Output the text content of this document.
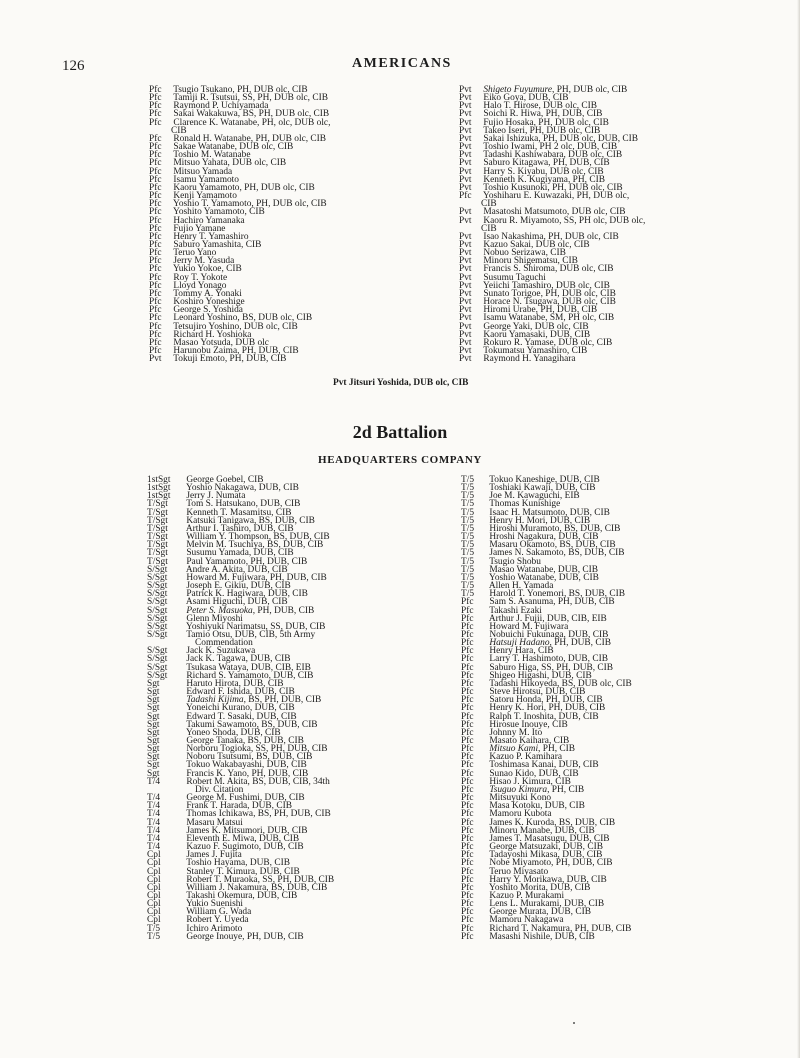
126	AMERICANS
Pfc Tsugio Tsukano, PH, DUB olc, CIB
Pfc Tamiji R. Tsutsui, SS, PH, DUB olc, CIB
Pfc Raymond P. Uchiyamada
Pfc Sakai Wakakuwa, BS, PH, DUB olc, CIB
Pfc Clarence K. Watanabe, PH, olc, DUB olc,
CIB
Pfc Ronald H. Watanabe, PH, DUB olc, CIB
Pfc Sakae Watanabe, DUB olc, CIB
Pfc Toshio M. Watanabe
Pfc Mitsuo Yahata, DUB olc, CIB
Pfc Mitsuo Yamada
Pfc Isamu Yamamoto
Pfc Kaoru Yamamoto, PH, DUB olc, CIB
Pfc Kenji Yamamoto
Pfc Yoshio T. Yamamoto, PH, DUB olc, CIB
Pfc Yoshito Yamamoto, CIB
Pfc Hachiro Yamanaka
Pfc Fujio Yamane
Pfc Henry T. Yamashiro
Pfc Saburo Yamashita, CIB
Pfc Teruo Yano
Pfc Jerry M. Yasuda
Pfc Yukio Yokoe, CIB
Pfc Roy T. Yokote
Pfc Lloyd Yonago
Pfc Tommy A. Yonaki
Pfc Koshiro Yoneshige
Pfc George S. Yoshida
Pfc Leonard Yoshino, BS, DUB olc, CIB
Pfc Tetsujiro Yoshino, DUB olc, CIB
Pfc Richard H. Yoshioka
Pfc Masao Yotsuda, DUB olc
Pfc Harunobu Zaima, PH, DUB, CIB
Pvt Tokuji Emoto, PH, DUB, CIB
Pvt Shigeto Fuyumure, PH, DUB olc, CIB
Pvt Eiko Goya, DUB, CIB
Pvt Halo T. Hirose, DUB olc, CIB
Pvt Soichi R. Hiwa, PH, DUB, CIB
Pvt Fujio Hosaka, PH, DUB olc, CIB
Pvt Takeo Iseri, PH, DUB olc, CIB
Pvt Sakai Ishizuka, PH, DUB olc, DUB, CIB
Pvt Toshio Iwami, PH 2 olc, DUB, CIB
Pvt Tadashi Kashiwabara, DUB olc, CIB
Pvt Saburo Kitagawa, PH, DUB, CIB
Pvt Harry S. Kiyabu, DUB olc, CIB
Pvt Kenneth K. Kugiyama, PH, CIB
Pvt Toshio Kusunoki, PH, DUB olc, CIB
Pfc Yoshiharu E. Kuwazaki, PH, DUB olc,
CIB
Pvt Masatoshi Matsumoto, DUB olc, CIB
Pvt Kaoru R. Miyamoto, SS, PH olc, DUB olc,
CIB
Pvt Isao Nakashima, PH, DUB olc, CIB
Pvt Kazuo Sakai, DUB olc, CIB
Pvt Nobuo Serizawa, CIB
Pvt Minoru Shigematsu, CIB
Pvt Francis S. Shiroma, DUB olc, CIB
Pvt Susumu Taguchi
Pvt Yeiichi Tamashiro, DUB olc, CIB
Pvt Sunato Torigoe, PH, DUB olc, CIB
Pvt Horace N. Tsugawa, DUB olc, CIB
Pvt Hiromi Urabe, PH, DUB, CIB
Pvt Isamu Watanabe, SM, PH olc, CIB
Pvt George Yaki, DUB olc, CIB
Pvt Kaoru Yamasaki, DUB, CIB
Pvt Rokuro R. Yamase, DUB olc, CIB
Pvt Tokumatsu Yamashiro, CIB
Pvt Raymond H. Yanagihara
Pvt Jitsuri Yoshida, DUB olc, CIB
2d Battalion
HEADQUARTERS COMPANY
1stSgt George Goebel, CIB
1stSgt Yoshio Nakagawa, DUB, CIB
1stSgt Jerry J. Numata
T/Sgt Tom S. Hatsukano, DUB, CIB
T/Sgt Kenneth T. Masamitsu, CIB
T/Sgt Katsuki Tanigawa, BS, DUB, CIB
T/Sgt Arthur I. Tashiro, DUB, CIB
T/Sgt William Y. Thompson, BS, DUB, CIB
T/Sgt Melvin M. Tsuchiya, BS, DUB, CIB
T/Sgt Susumu Yamada, DUB, CIB
T/Sgt Paul Yamamoto, PH, DUB, CIB
S/Sgt Andre A. Akita, DUB, CIB
S/Sgt Howard M. Fujiwara, PH, DUB, CIB
S/Sgt Joseph E. Gikiu, DUB, CIB
S/Sgt Patrick K. Hagiwara, DUB, CIB
S/Sgt Asami Higuchi, DUB, CIB
S/Sgt Peter S. Masuoka, PH, DUB, CIB
S/Sgt Glenn Miyoshi
S/Sgt Yoshiyuki Narimatsu, SS, DUB, CIB
S/Sgt Tamio Otsu, DUB, CIB, 5th Army
Commendation
S/Sgt Jack K. Suzukawa
S/Sgt Jack K. Tagawa, DUB, CIB
S/Sgt Tsukasa Wataya, DUB, CIB, EIB
S/Sgt Richard S. Yamamoto, DUB, CIB
Sgt	Haruto Hirota, DUB, CIB
Sgt	Edward F. Ishida, DUB, CIB
Sgt	Tadashi Kijima, BS, PH, DUB, CIB
Sgt	Yoneichi Kurano, DUB, CIB
Sgt	Edward T. Sasaki, DUB, CIB
Sgt	Takumi Sawamoto, BS, DUB, CIB
Sgt	Yoneo Shoda, DUB, CIB
Sgt	George Tanaka, BS, DUB, CIB
Sgt	Norboru Togioka, SS, PH, DUB, CIB
Sgt	Noboru Tsutsumi, BS, DUB, CIB
Sgt	Tokuo Wakabayashi, DUB, CIB
Sgt	Francis K. Yano, PH, DUB, CIB
T/4	Robert M. Akita, BS, DUB, CIB, 34th
Div. Citation
T/4	George M. Fushimi, DUB, CIB
T/4	Frank T. Harada, DUB, CIB
T/4	Thomas Ichikawa, BS, PH, DUB, CIB
T/4	Masaru Matsui
T/4	James K. Mitsumori, DUB, CIB
T/4	Eleventh E. Miwa, DUB, CIB
T/4	Kazuo F. Sugimoto, DUB, CIB
Cpl	James J. Fujita
Cpl	Toshio Hayama, DUB, CIB
Cpl	Stanley T. Kimura, DUB, CIB
Cpl	Robert T. Muraoka, SS, PH, DUB, CIB
Cpl	William J. Nakamura, BS, DUB, CIB
Cpl	Takashi Okemura, DUB, CIB
Cpl	Yukio Suenishi
Cpl	William G. Wada
Cpl	Robert Y. Uyeda
T/5	Ichiro Arimoto
T/5	George Inouye, PH, DUB, CIB
T/5 Tokuo Kaneshige, DUB, CIB
T/5 Toshiaki Kawaji, DUB, CIB
T/5 Joe M. Kawaguchi, EIB
T/5 Thomas Kunishige
T/5 Isaac H. Matsumoto, DUB, CIB
T/5 Henry H. Mori, DUB, CIB
T/5 Hiroshi Muramoto, BS, DUB, CIB
T/5 Hroshi Nagakura, DUB, CIB
T/5 Masaru Okamoto, BS, DUB, CIB
T/5 James N. Sakamoto, BS, DUB, CIB
T/5 Tsugio Shobu
T/5 Masao Watanabe, DUB, CIB
T/5 Yoshio Watanabe, DUB, CIB
T/5 Allen H. Yamada
T/5 Harold T. Yonemori, BS, DUB, CIB
Pfc Sam S. Asanuma, PH, DUB, CIB
Pfc Takashi Ezaki
Pfc Arthur J. Fujii, DUB, CIB, EIB
Pfc Howard M. Fujiwara
Pfc Nobuichi Fukunaga, DUB, CIB
Pfc Hatsuji Hadano, PH, DUB, CIB
Pfc Henry Hara, CIB
Pfc Larry T. Hashimoto, DUB, CIB
Pfc Saburo Higa, SS, PH, DUB, CIB
Pfc Shigeo Higashi, DUB, CIB
Pfc Tadashi Hikoyeda, BS, DUB olc, CIB
Pfc Steve Hirotsu, DUB, CIB
Pfc Satoru Honda, PH, DUB, CIB
Pfc Henry K. Hori, PH, DUB, CIB
Pfc Ralph T. Inoshita, DUB, CIB
Pfc Hirosue Inouye, CIB
Pfc Johnny M. Ito
Pfc Masato Kaihara, CIB
Pfc Mitsuo Kami, PH, CIB
Pfc Kazuo P. Kamihara
Pfc Toshimasa Kanai, DUB, CIB
Pfc Sunao Kido, DUB, CIB
Pfc Hisao J. Kimura, CIB
Pfc Tsuguo Kimura, PH, CIB
Pfc Mitsuyuki Kono
Pfc Masa Kotoku, DUB, CIB
Pfc Mamoru Kubota
Pfc James K. Kuroda, BS, DUB, CIB
Pfc Minoru Manabe, DUB, CIB
Pfc James T. Masatsugu, DUB, CIB
Pfc George Matsuzaki, DUB, CIB
Pfc Tadayoshi Mikasa, DUB, CIB
Pfc Nobe Miyamoto, PH, DUB, CIB
Pfc Teruo Miyasato
Pfc Harry Y. Morikawa, DUB, CIB
Pfc Yoshito Morita, DUB, CIB
Pfc Kazuo P. Murakami
Pfc Lens L. Murakami, DUB, CIB
Pfc George Murata, DUB, CIB
Pfc Mamoru Nakagawa
Pfc Richard T. Nakamura, PH, DUB, CIB
Pfc Masashi Nishile, DUB, CIB
